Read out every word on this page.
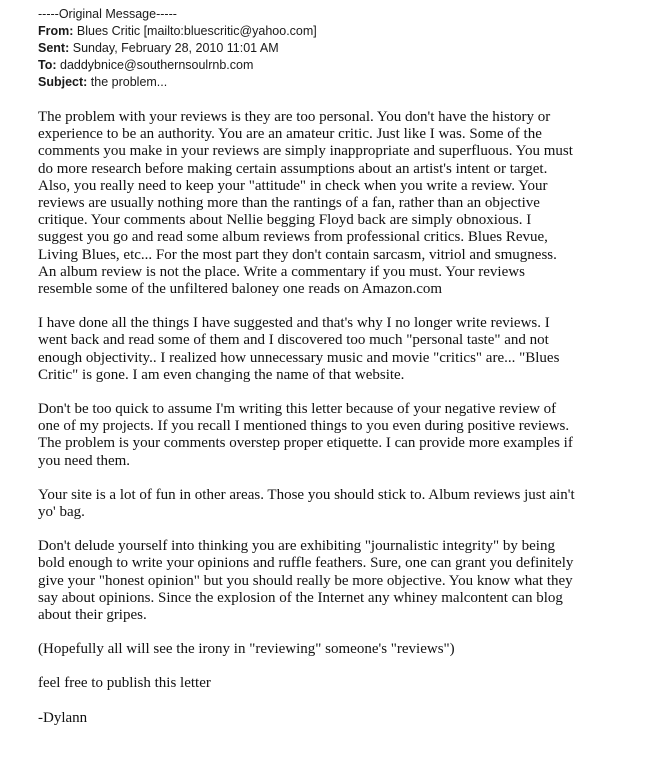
-----Original Message-----
From: Blues Critic [mailto:bluescritic@yahoo.com]
Sent: Sunday, February 28, 2010 11:01 AM
To: daddybnice@southernsoulrnb.com
Subject: the problem...

The problem with your reviews is they are too personal. You don't have the history or
experience to be an authority. You are an amateur critic. Just like I was. Some of the
comments you make in your reviews are simply inappropriate and superfluous. You must
do more research before making certain assumptions about an artist's intent or target.
Also, you really need to keep your "attitude" in check when you write a review. Your
reviews are usually nothing more than the rantings of a fan, rather than an objective
critique. Your comments about Nellie begging Floyd back are simply obnoxious. I
suggest you go and read some album reviews from professional critics. Blues Revue,
Living Blues, etc... For the most part they don't contain sarcasm, vitriol and smugness.
An album review is not the place. Write a commentary if you must. Your reviews
resemble some of the unfiltered baloney one reads on Amazon.com

I have done all the things I have suggested and that's why I no longer write reviews. I
went back and read some of them and I discovered too much "personal taste" and not
enough objectivity.. I realized how unnecessary music and movie "critics" are... "Blues
Critic" is gone. I am even changing the name of that website.

Don't be too quick to assume I'm writing this letter because of your negative review of
one of my projects. If you recall I mentioned things to you even during positive reviews.
The problem is your comments overstep proper etiquette. I can provide more examples if
you need them.

Your site is a lot of fun in other areas. Those you should stick to. Album reviews just ain't
yo' bag.

Don't delude yourself into thinking you are exhibiting "journalistic integrity" by being
bold enough to write your opinions and ruffle feathers. Sure, one can grant you definitely
give your "honest opinion" but you should really be more objective. You know what they
say about opinions. Since the explosion of the Internet any whiney malcontent can blog
about their gripes.

(Hopefully all will see the irony in "reviewing" someone's "reviews")

feel free to publish this letter

-Dylann
